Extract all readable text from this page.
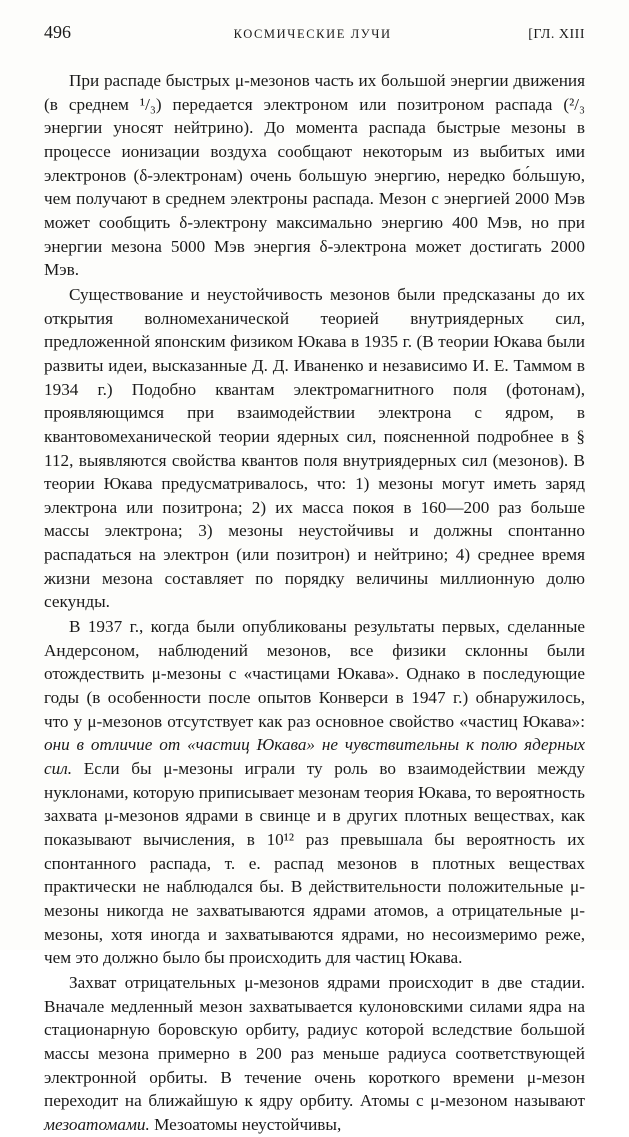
496	КОСМИЧЕСКИЕ ЛУЧИ	[ГЛ. XIII

При распаде быстрых μ-мезонов часть их большой энергии движения (в среднем ¹/₃) передается электроном или позитроном распада (²/₃ энергии уносят нейтрино). До момента распада быстрые мезоны в процессе ионизации воздуха сообщают некоторым из выбитых ими электронов (δ-электронам) очень большую энергию, нередко бо́льшую, чем получают в среднем электроны распада. Мезон с энергией 2000 Мэв может сообщить δ-электрону максимально энергию 400 Мэв, но при энергии мезона 5000 Мэв энергия δ-электрона может достигать 2000 Мэв.

Существование и неустойчивость мезонов были предсказаны до их открытия волномеханической теорией внутриядерных сил, предложенной японским физиком Юкава в 1935 г. (В теории Юкава были развиты идеи, высказанные Д. Д. Иваненко и независимо И. Е. Таммом в 1934 г.) Подобно квантам электромагнитного поля (фотонам), проявляющимся при взаимодействии электрона с ядром, в квантовомеханической теории ядерных сил, поясненной подробнее в § 112, выявляются свойства квантов поля внутриядерных сил (мезонов). В теории Юкава предусматривалось, что: 1) мезоны могут иметь заряд электрона или позитрона; 2) их масса покоя в 160—200 раз больше массы электрона; 3) мезоны неустойчивы и должны спонтанно распадаться на электрон (или позитрон) и нейтрино; 4) среднее время жизни мезона составляет по порядку величины миллионную долю секунды.

В 1937 г., когда были опубликованы результаты первых, сделанные Андерсоном, наблюдений мезонов, все физики склонны были отождествить μ-мезоны с «частицами Юкава». Однако в последующие годы (в особенности после опытов Конверси в 1947 г.) обнаружилось, что у μ-мезонов отсутствует как раз основное свойство «частиц Юкава»: они в отличие от «частиц Юкава» не чувствительны к полю ядерных сил. Если бы μ-мезоны играли ту роль во взаимодействии между нуклонами, которую приписывает мезонам теория Юкава, то вероятность захвата μ-мезонов ядрами в свинце и в других плотных веществах, как показывают вычисления, в 10¹² раз превышала бы вероятность их спонтанного распада, т. е. распад мезонов в плотных веществах практически не наблюдался бы. В действительности положительные μ-мезоны никогда не захватываются ядрами атомов, а отрицательные μ-мезоны, хотя иногда и захватываются ядрами, но несоизмеримо реже, чем это должно было бы происходить для частиц Юкава.

Захват отрицательных μ-мезонов ядрами происходит в две стадии. Вначале медленный мезон захватывается кулоновскими силами ядра на стационарную боровскую орбиту, радиус которой вследствие большой массы мезона примерно в 200 раз меньше радиуса соответствующей электронной орбиты. В течение очень короткого времени μ-мезон переходит на ближайшую к ядру орбиту. Атомы с μ-мезоном называют мезоатомами. Мезоатомы неустойчивы,
